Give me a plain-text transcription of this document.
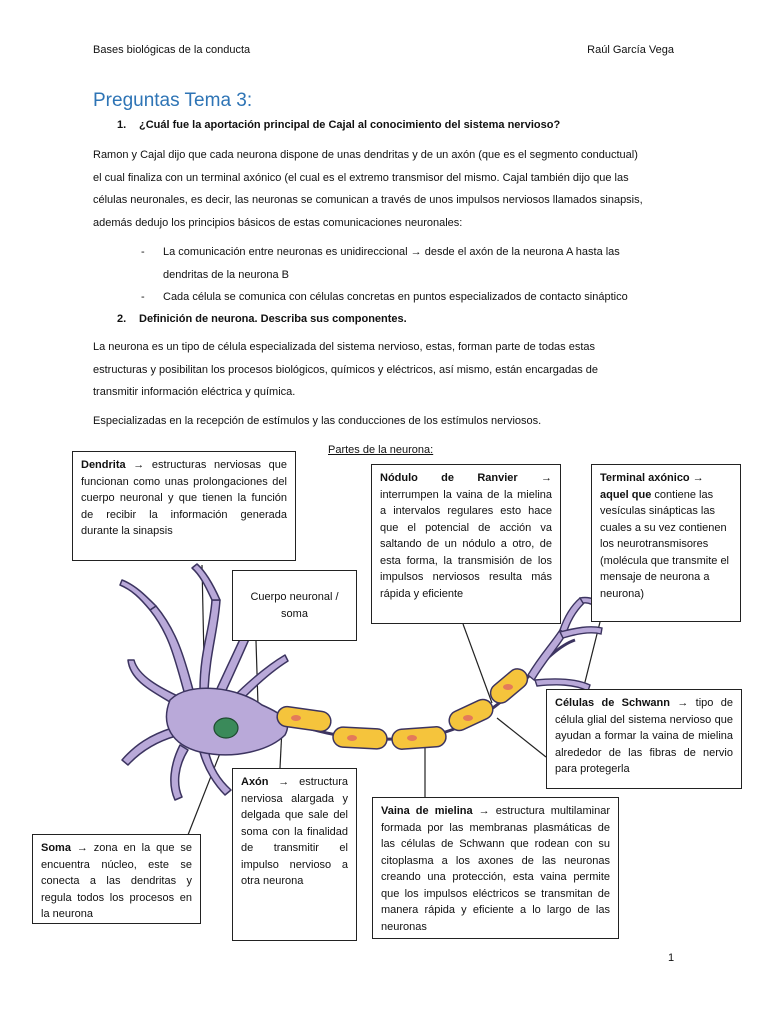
Bases biológicas de la conducta	Raúl García Vega
Preguntas Tema 3:
1. ¿Cuál fue la aportación principal de Cajal al conocimiento del sistema nervioso?
Ramon y Cajal dijo que cada neurona dispone de unas dendritas y de un axón (que es el segmento conductual)
el cual finaliza con un terminal axónico (el cual es el extremo transmisor del mismo. Cajal también dijo que las
células neuronales, es decir, las neuronas se comunican a través de unos impulsos nerviosos llamados sinapsis,
además dedujo los principios básicos de estas comunicaciones neuronales:
- La comunicación entre neuronas es unidireccional → desde el axón de la neurona A hasta las
dendritas de la neurona B
- Cada célula se comunica con células concretas en puntos especializados de contacto sináptico
2. Definición de neurona. Describa sus componentes.
La neurona es un tipo de célula especializada del sistema nervioso, estas, forman parte de todas estas
estructuras y posibilitan los procesos biológicos, químicos y eléctricos, así mismo, están encargadas de
transmitir información eléctrica y química.
Especializadas en la recepción de estímulos y las conducciones de los estímulos nerviosos.
Partes de la neurona:
Dendrita → estructuras nerviosas que funcionan como unas prolongaciones del cuerpo neuronal y que tienen la función de recibir la información generada durante la sinapsis
Cuerpo neuronal / soma
Nódulo de Ranvier → interrumpen la vaina de la mielina a intervalos regulares esto hace que el potencial de acción va saltando de un nódulo a otro, de esta forma, la transmisión de los impulsos nerviosos resulta más rápida y eficiente
Terminal axónico → aquel que contiene las vesículas sinápticas las cuales a su vez contienen los neurotransmisores (molécula que transmite el mensaje de neurona a neurona)
Células de Schwann → tipo de célula glial del sistema nervioso que ayudan a formar la vaina de mielina alrededor de las fibras de nervio para protegerla
Axón → estructura nerviosa alargada y delgada que sale del soma con la finalidad de transmitir el impulso nervioso a otra neurona
Vaina de mielina → estructura multilaminar formada por las membranas plasmáticas de las células de Schwann que rodean con su citoplasma a los axones de las neuronas creando una protección, esta vaina permite que los impulsos eléctricos se transmitan de manera rápida y eficiente a lo largo de las neuronas
Soma → zona en la que se encuentra núcleo, este se conecta a las dendritas y regula todos los procesos en la neurona
1
